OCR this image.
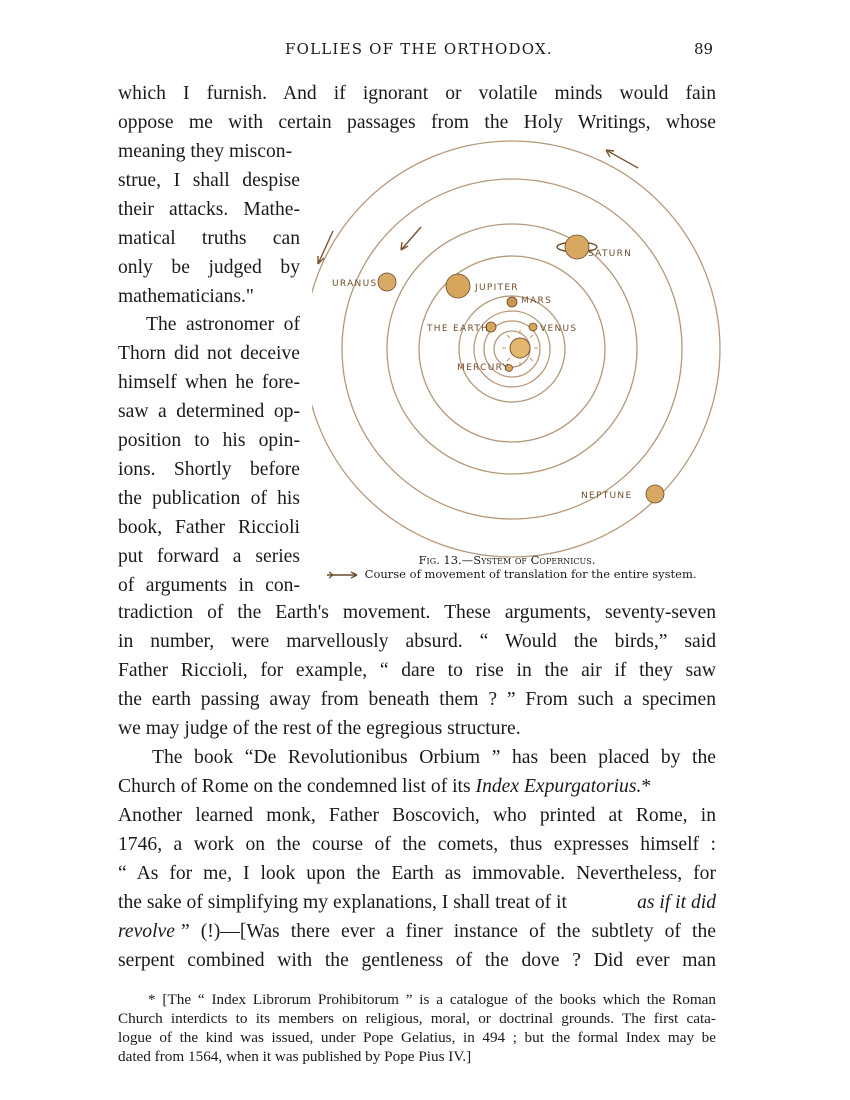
FOLLIES OF THE ORTHODOX.	89
which I furnish. And if ignorant or volatile minds would fain
oppose me with certain passages from the Holy Writings, whose
meaning they miscon-
strue, I shall despise
their attacks. Mathe-
matical truths can
only be judged by
mathematicians."
The astronomer of
Thorn did not deceive
himself when he fore-
saw a determined op-
position to his opin-
ions. Shortly before
the publication of his
book, Father Riccioli
put forward a series
of arguments in con-
tradiction of the Earth's movement. These arguments, seventy-seven
in number, were marvellously absurd. “ Would the birds,” said
Father Riccioli, for example, “ dare to rise in the air if they saw
the earth passing away from beneath them ? ” From such a specimen
we may judge of the rest of the egregious structure.
The book “De Revolutionibus Orbium ” has been placed by the
Church of Rome on the condemned list of its Index Expurgatorius.*
Another learned monk, Father Boscovich, who printed at Rome, in
1746, a work on the course of the comets, thus expresses himself :
“ As for me, I look upon the Earth as immovable. Nevertheless, for
the sake of simplifying my explanations, I shall treat of it	as if it did
revolve ” (!)—[Was there ever a finer instance of the subtlety of the
serpent combined with the gentleness of the dove ? Did ever man
SATURN
URANUS	JUPITER
MARS
THE EARTH	VENUS
MERCURY
NEPTUNE
Fig. 13.—System of Copernicus.
Course of movement of translation for the entire system.
* [The “ Index Librorum Prohibitorum ” is a catalogue of the books which the Roman
Church interdicts to its members on religious, moral, or doctrinal grounds. The first cata-
logue of the kind was issued, under Pope Gelatius, in 494 ; but the formal Index may be
dated from 1564, when it was published by Pope Pius IV.]
